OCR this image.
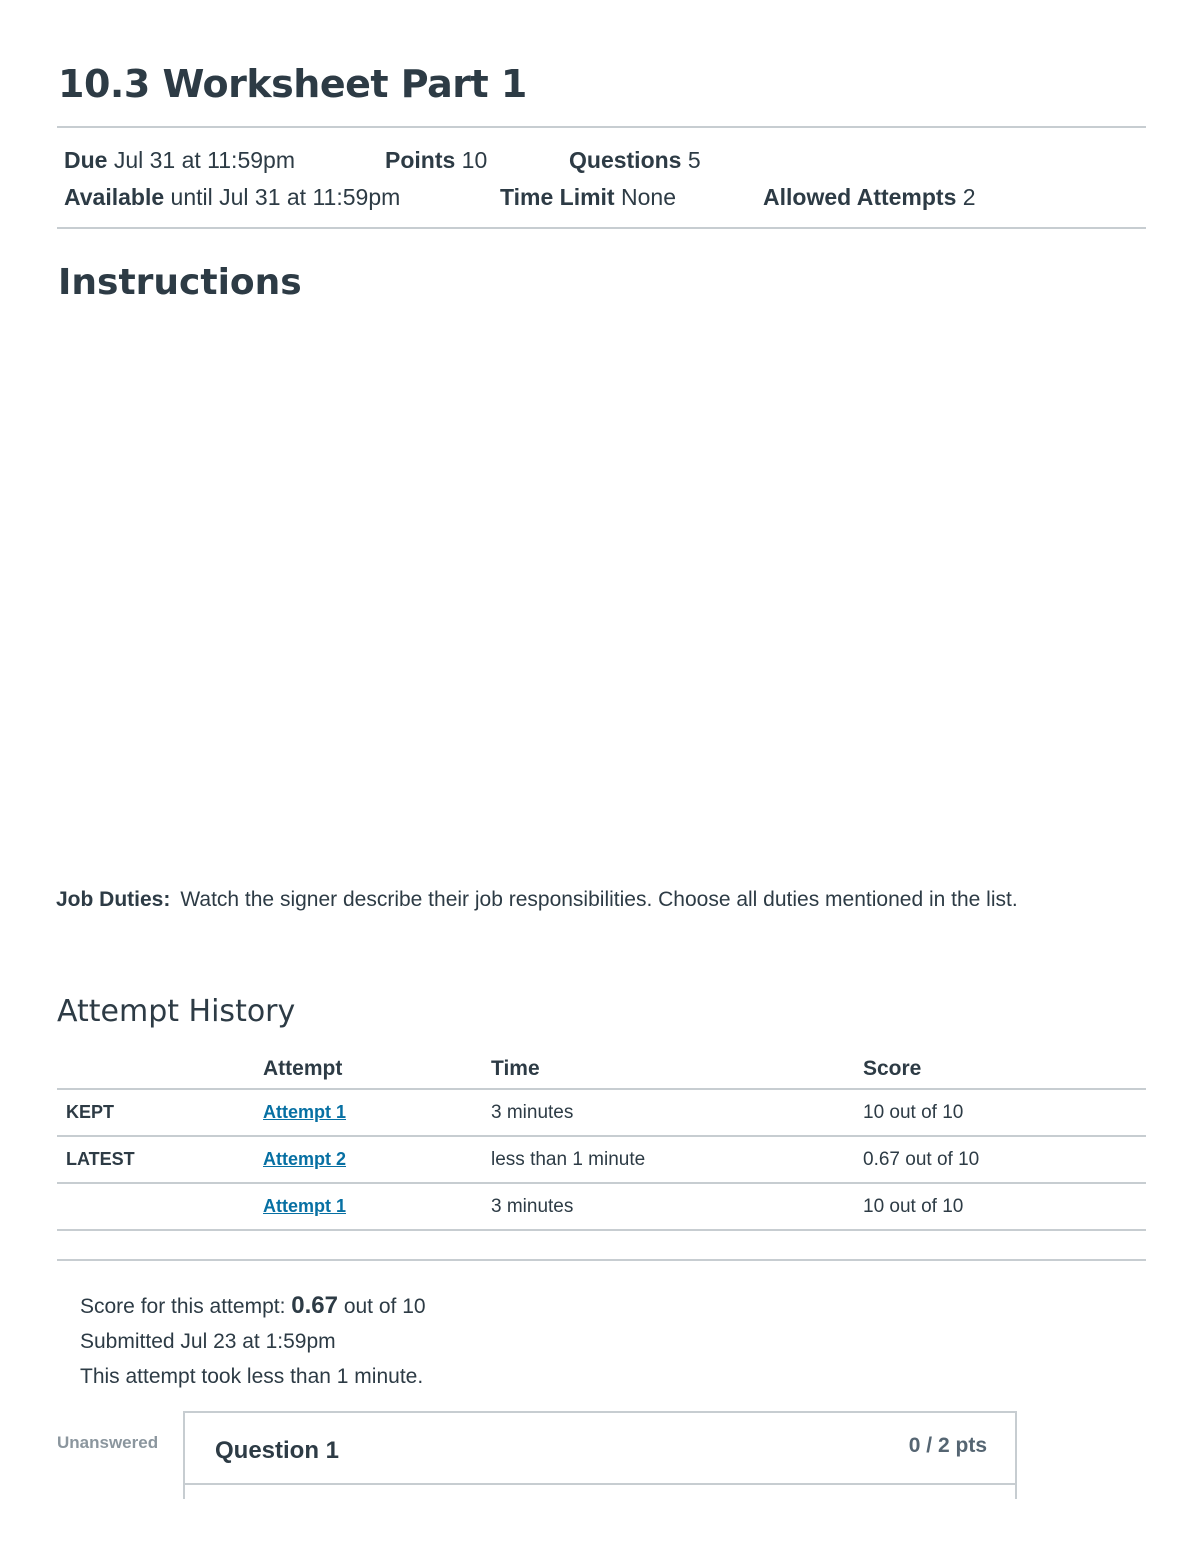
10.3 Worksheet Part 1
Due Jul 31 at 11:59pm	Points 10	Questions 5
Available until Jul 31 at 11:59pm	Time Limit None	Allowed Attempts 2
Instructions
Job Duties: Watch the signer describe their job responsibilities. Choose all duties mentioned in the list.
Attempt History
	Attempt	Time	Score
KEPT	Attempt 1	3 minutes	10 out of 10
LATEST	Attempt 2	less than 1 minute	0.67 out of 10
	Attempt 1	3 minutes	10 out of 10
Score for this attempt: 0.67 out of 10
Submitted Jul 23 at 1:59pm
This attempt took less than 1 minute.
Unanswered	Question 1	0 / 2 pts
